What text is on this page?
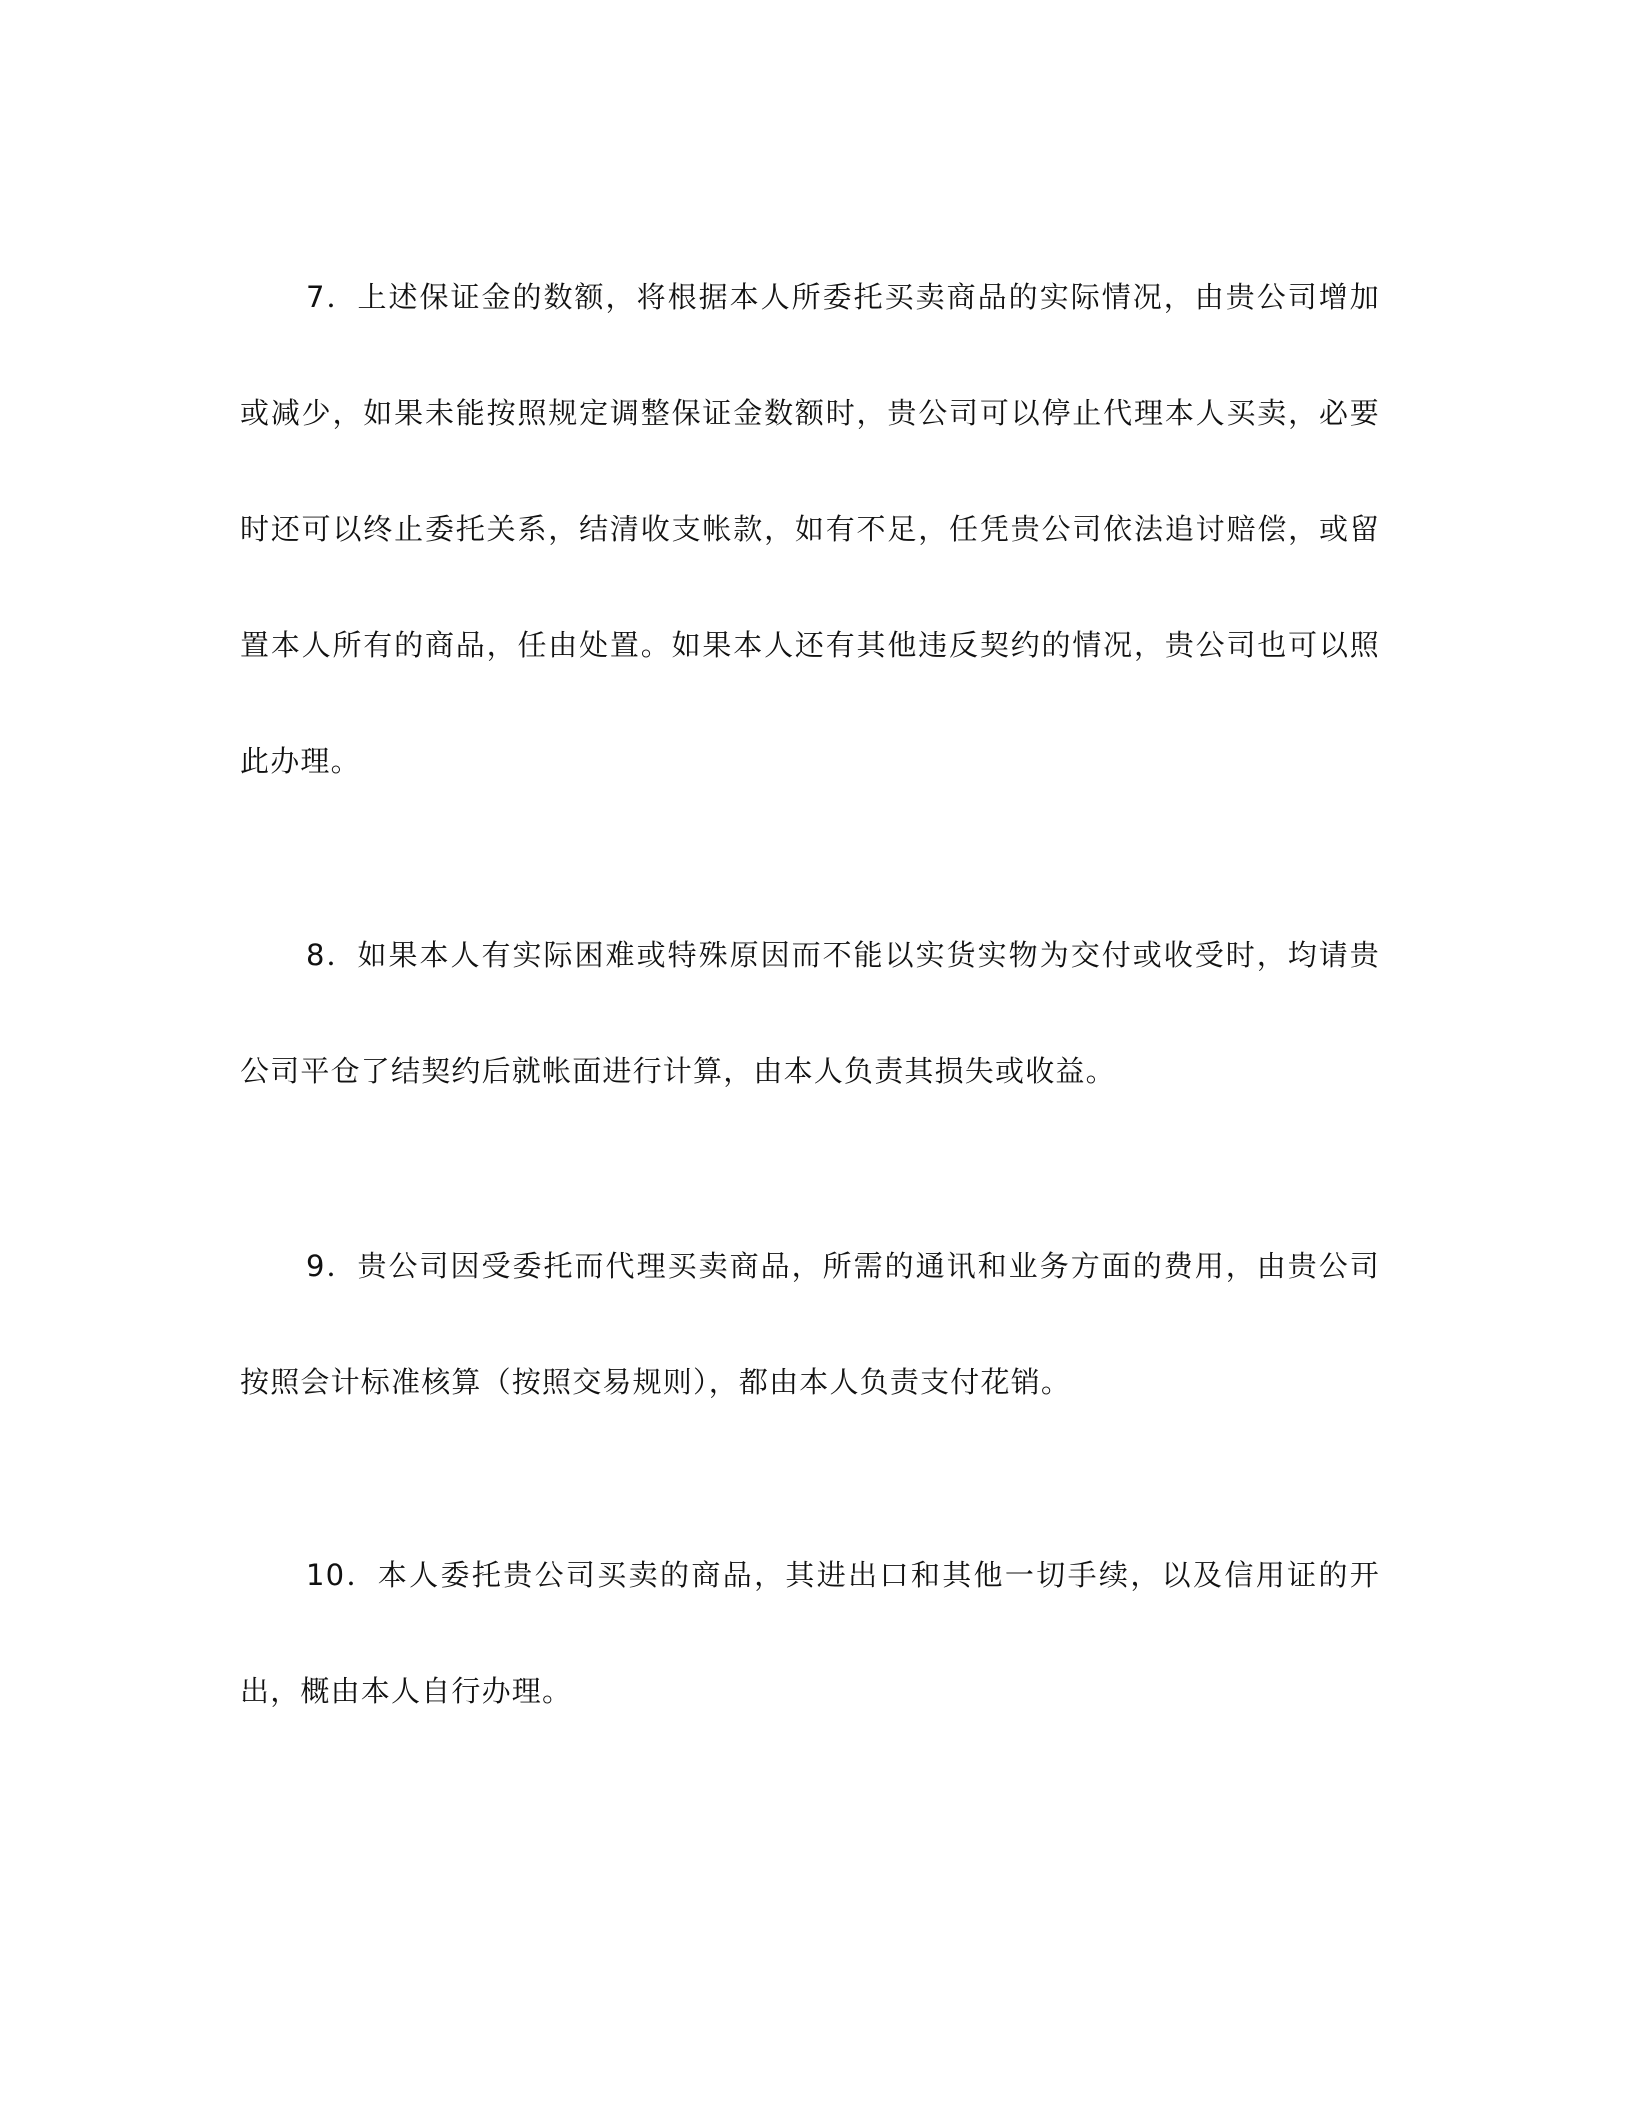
7．上述保证金的数额，将根据本人所委托买卖商品的实际情况，由贵公司增加或减少，如果未能按照规定调整保证金数额时，贵公司可以停止代理本人买卖，必要时还可以终止委托关系，结清收支帐款，如有不足，任凭贵公司依法追讨赔偿，或留置本人所有的商品，任由处置。如果本人还有其他违反契约的情况，贵公司也可以照此办理。

8．如果本人有实际困难或特殊原因而不能以实货实物为交付或收受时，均请贵公司平仓了结契约后就帐面进行计算，由本人负责其损失或收益。

9．贵公司因受委托而代理买卖商品，所需的通讯和业务方面的费用，由贵公司按照会计标准核算（按照交易规则），都由本人负责支付花销。

10．本人委托贵公司买卖的商品，其进出口和其他一切手续，以及信用证的开出，概由本人自行办理。
